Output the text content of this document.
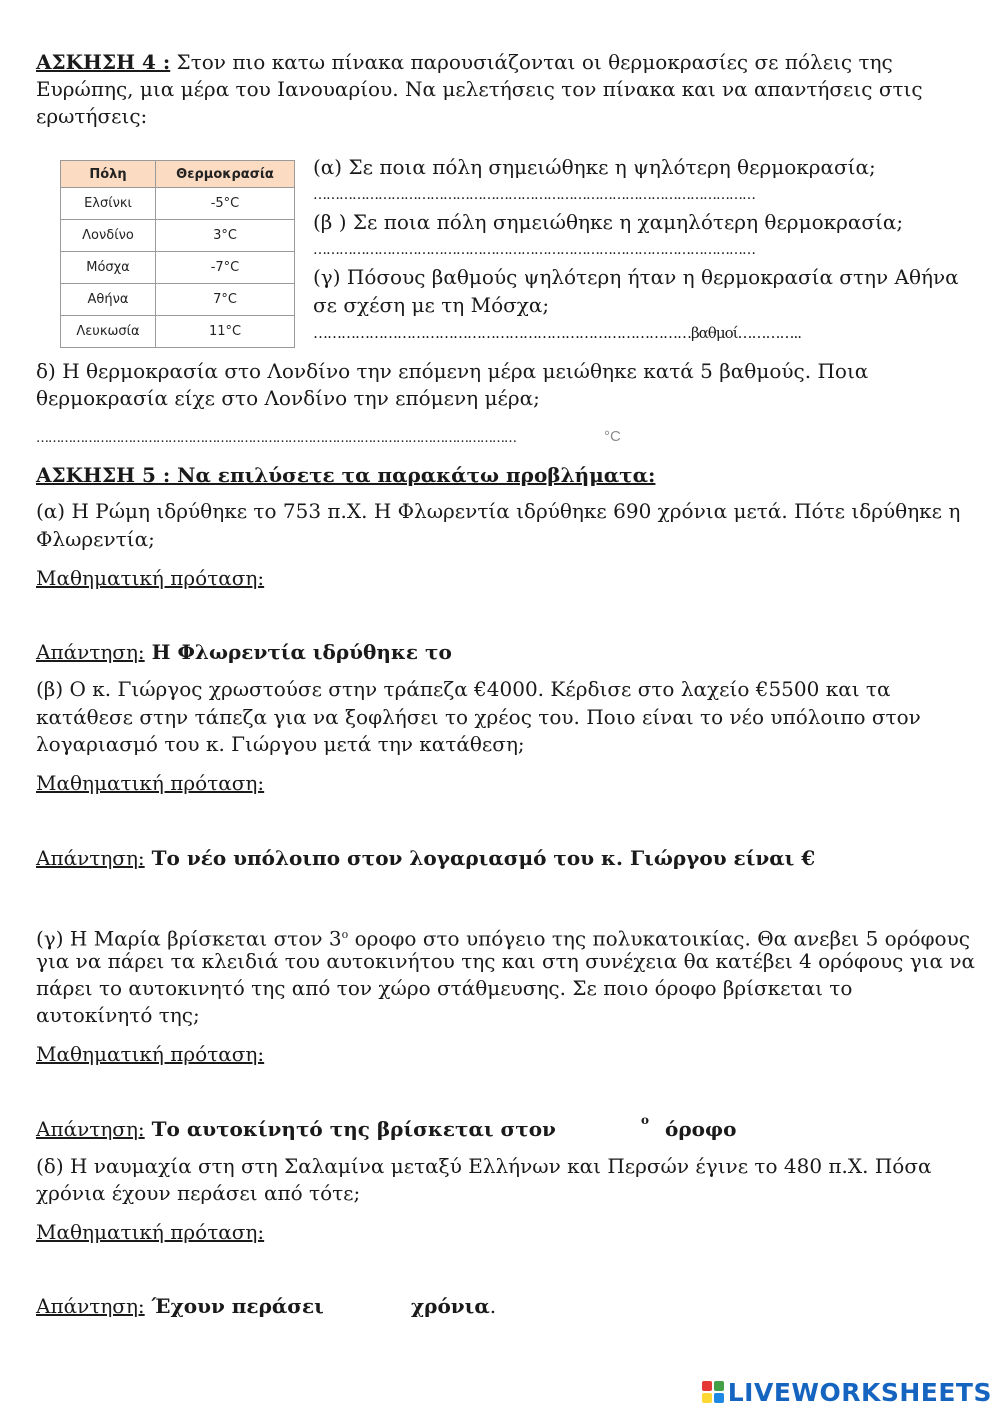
ΑΣΚΗΣΗ 4 : Στον πιο κατω πίνακα παρουσιάζονται οι θερμοκρασίες σε πόλεις της
Ευρώπης, μια μέρα του Ιανουαρίου. Να μελετήσεις τον πίνακα και να απαντήσεις στις
ερωτήσεις:
Πόλη	Θερμοκρασία
Ελσίνκι	-5°C
Λονδίνο	3°C
Μόσχα	-7°C
Αθήνα	7°C
Λευκωσία	11°C
(α) Σε ποια πόλη σημειώθηκε η ψηλότερη θερμοκρασία;
…………………………………………………………………………………………
(β ) Σε ποια πόλη σημειώθηκε η χαμηλότερη θερμοκρασία;
…………………………………………………………………………………………
(γ) Πόσους βαθμούς ψηλότερη ήταν η θερμοκρασία στην Αθήνα
σε σχέση με τη Μόσχα;
………………………………………………………………………βαθμοί…………..
δ) Η θερμοκρασία στο Λονδίνο την επόμενη μέρα μειώθηκε κατά 5 βαθμούς. Ποια
θερμοκρασία είχε στο Λονδίνο την επόμενη μέρα;
…………………………………………………………………………………………………………	°C
ΑΣΚΗΣΗ 5 : Να επιλύσετε τα παρακάτω προβλήματα:
(α) Η Ρώμη ιδρύθηκε το 753 π.Χ. Η Φλωρεντία ιδρύθηκε 690 χρόνια μετά. Πότε ιδρύθηκε η
Φλωρεντία;
Μαθηματική πρόταση:
Απάντηση: Η Φλωρεντία ιδρύθηκε το
(β) Ο κ. Γιώργος χρωστούσε στην τράπεζα €4000. Κέρδισε στο λαχείο €5500 και τα
κατάθεσε στην τάπεζα για να ξοφλήσει το χρέος του. Ποιο είναι το νέο υπόλοιπο στον
λογαριασμό του κ. Γιώργου μετά την κατάθεση;
Μαθηματική πρόταση:
Απάντηση: Το νέο υπόλοιπο στον λογαριασμό του κ. Γιώργου είναι €
(γ) Η Μαρία βρίσκεται στον $3^o$ οροφο στο υπόγειο της πολυκατοικίας. Θα ανεβει 5 ορόφους
για να πάρει τα κλειδιά του αυτοκινήτου της και στη συνέχεια θα κατέβει 4 ορόφους για να
πάρει το αυτοκινητό της από τον χώρο στάθμευσης. Σε ποιο όροφο βρίσκεται το
αυτοκίνητό της;
Μαθηματική πρόταση:
Απάντηση: Το αυτοκίνητό της βρίσκεται στον	ο όροφο
(δ) Η ναυμαχία στη στη Σαλαμίνα μεταξύ Ελλήνων και Περσών έγινε το 480 π.Χ. Πόσα
χρόνια έχουν περάσει από τότε;
Μαθηματική πρόταση:
Απάντηση: Έχουν περάσει	χρόνια.
LIVEWORKSHEETS
